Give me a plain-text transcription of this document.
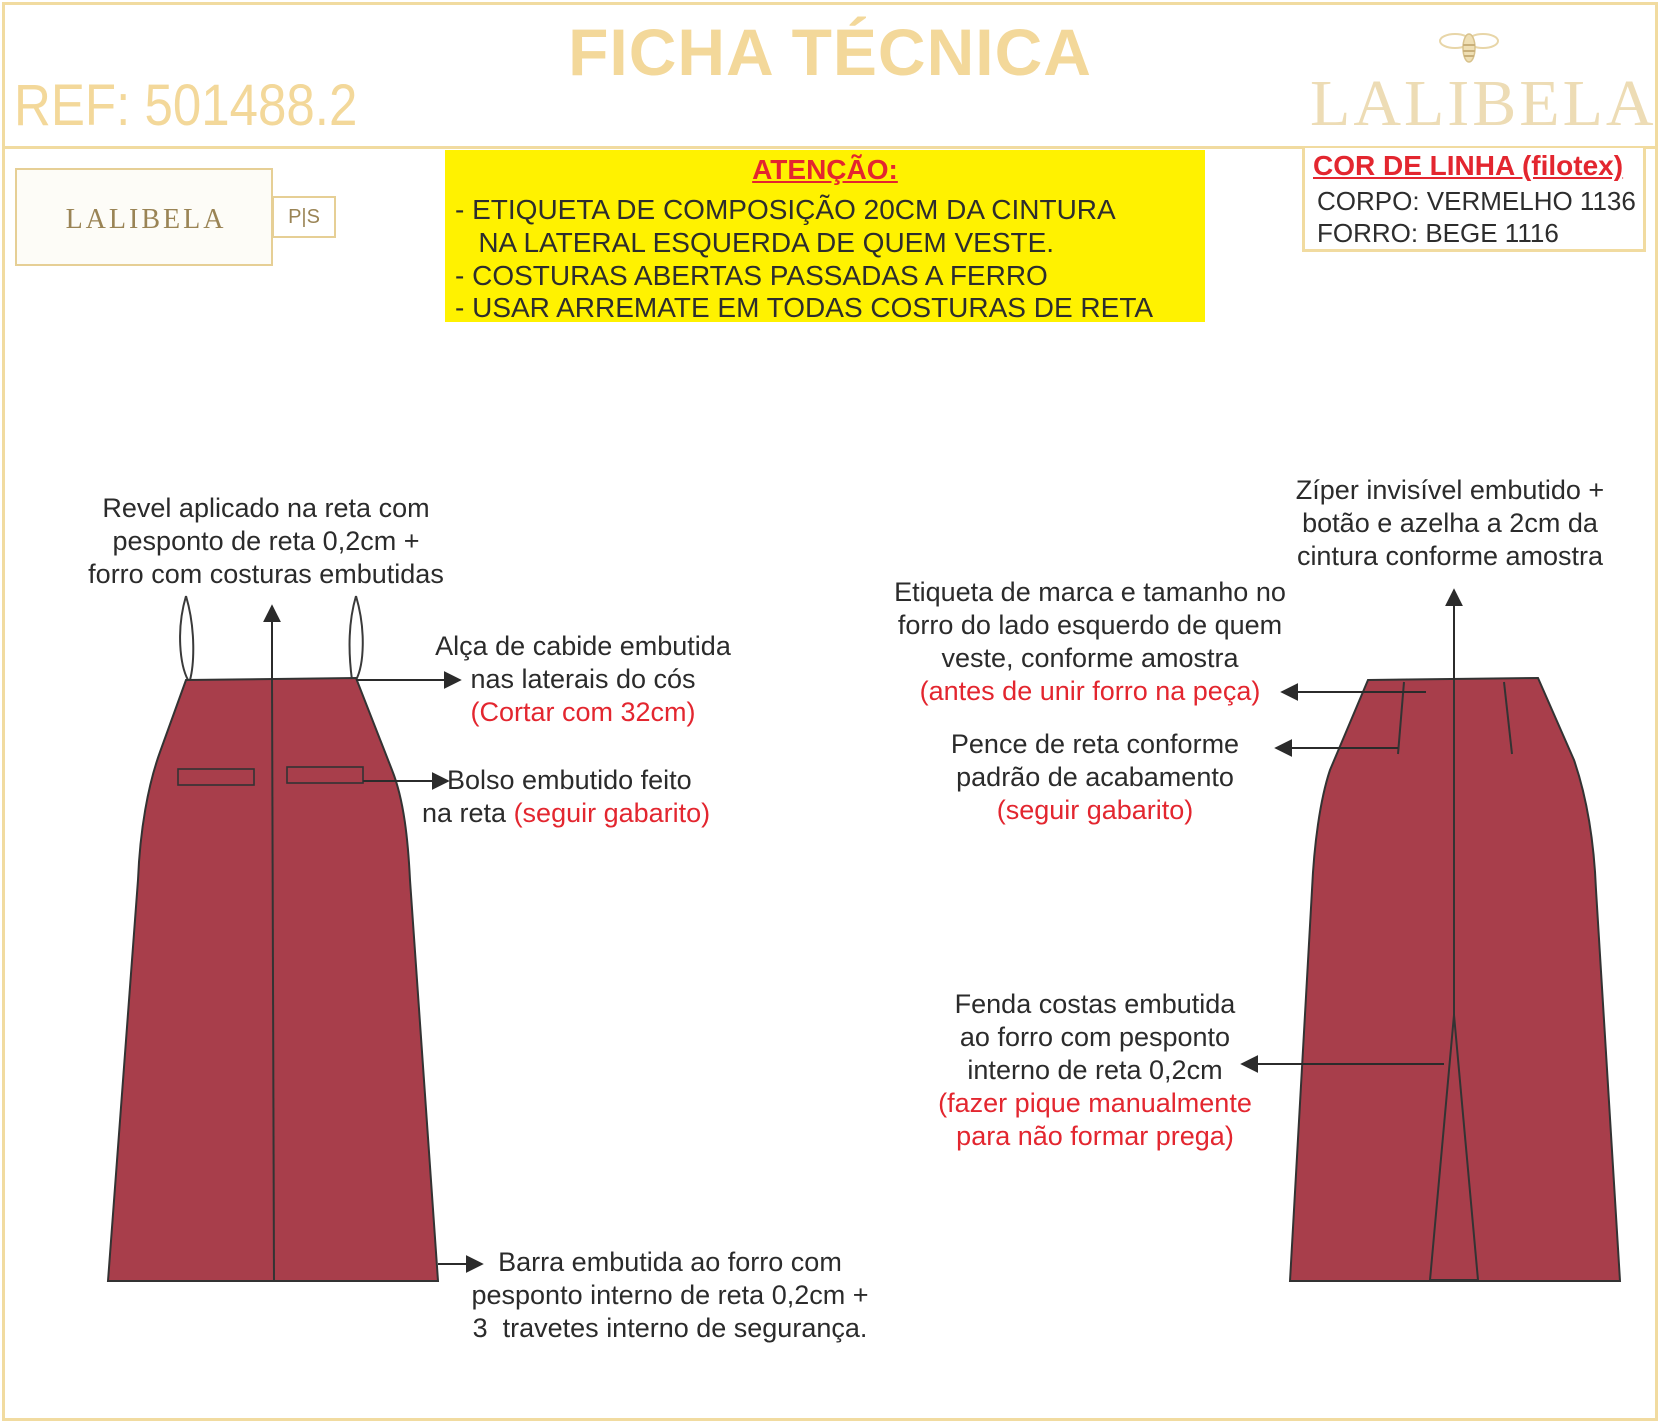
FICHA TÉCNICA
REF: 501488.2	LALIBELA
LALIBELA	P|S
ATENÇÃO:
- ETIQUETA DE COMPOSIÇÃO 20CM DA CINTURA
NA LATERAL ESQUERDA DE QUEM VESTE.
- COSTURAS ABERTAS PASSADAS A FERRO
- USAR ARREMATE EM TODAS COSTURAS DE RETA
COR DE LINHA (filotex)
CORPO: VERMELHO 1136
FORRO: BEGE 1116
Revel aplicado na reta com
pesponto de reta 0,2cm +
forro com costuras embutidas
Alça de cabide embutida
nas laterais do cós
(Cortar com 32cm)
Bolso embutido feito
na reta (seguir gabarito)
Barra embutida ao forro com
pesponto interno de reta 0,2cm +
3  travetes interno de segurança.
Zíper invisível embutido +
botão e azelha a 2cm da
cintura conforme amostra
Etiqueta de marca e tamanho no
forro do lado esquerdo de quem
veste, conforme amostra
(antes de unir forro na peça)
Pence de reta conforme
padrão de acabamento
(seguir gabarito)
Fenda costas embutida
ao forro com pesponto
interno de reta 0,2cm
(fazer pique manualmente
para não formar prega)
